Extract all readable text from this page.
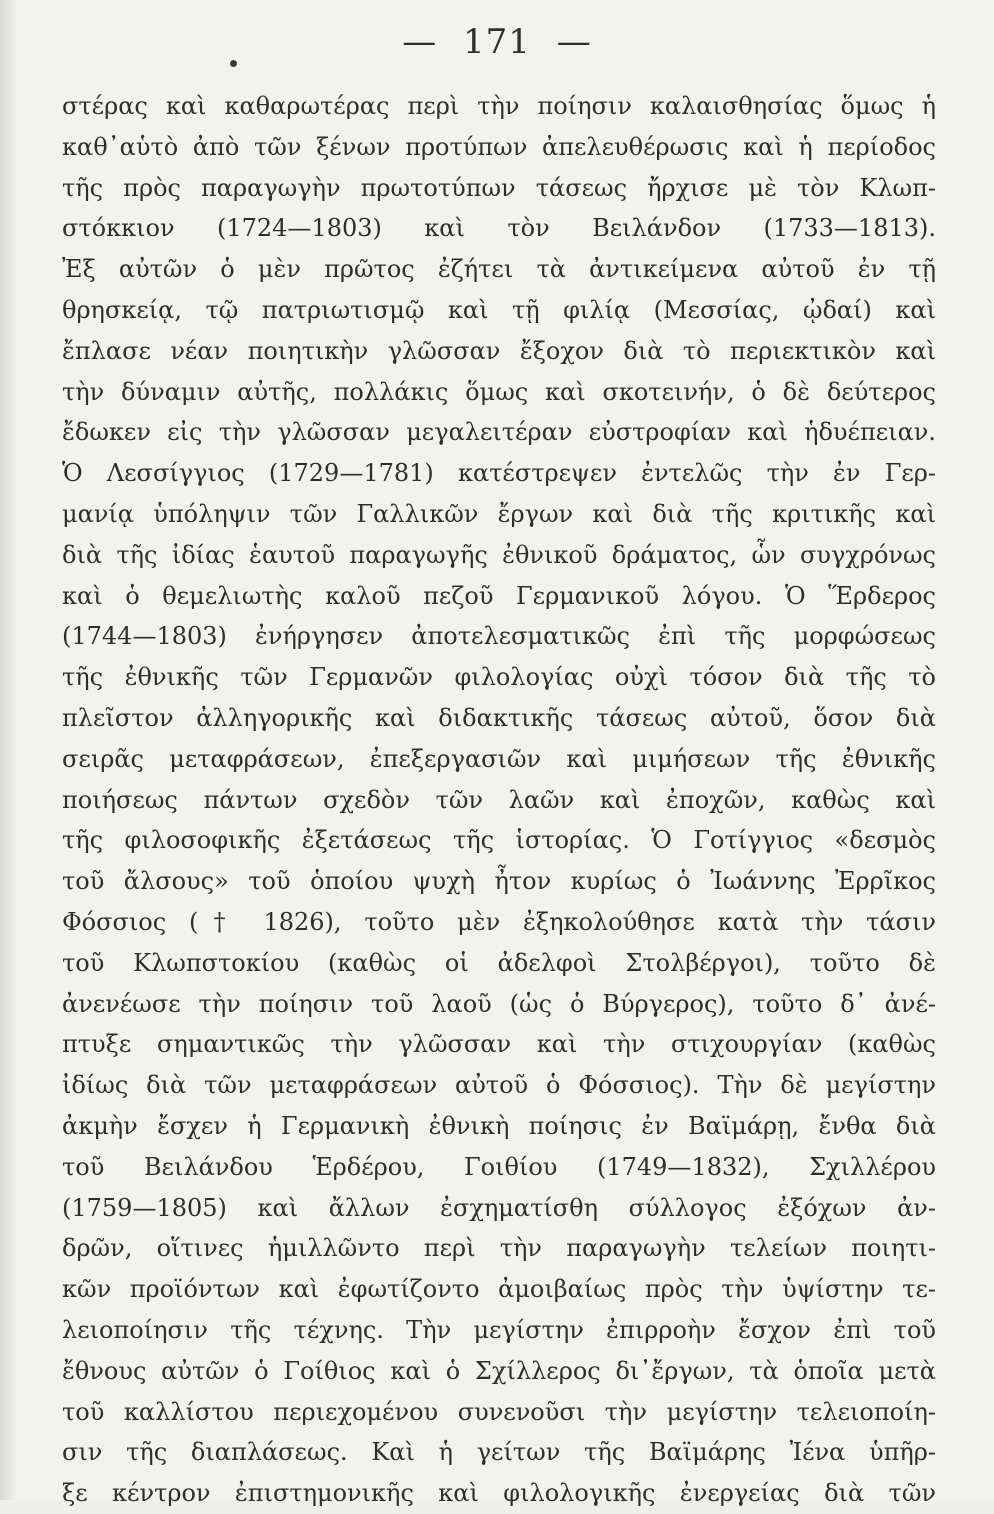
— 171 —
στέρας καὶ καθαρωτέρας περὶ τὴν ποίησιν καλαισθησίας ὅμως ἡ
καθ᾽αὑτὸ ἀπὸ τῶν ξένων προτύπων ἀπελευθέρωσις καὶ ἡ περίοδος
τῆς πρὸς παραγωγὴν πρωτοτύπων τάσεως ἤρχισε μὲ τὸν Κλωπ-
στόκκιον (1724—1803) καὶ τὸν Βειλάνδον (1733—1813).
Ἐξ αὐτῶν ὁ μὲν πρῶτος ἐζήτει τὰ ἀντικείμενα αὐτοῦ ἐν τῇ
θρησκείᾳ, τῷ πατριωτισμῷ καὶ τῇ φιλίᾳ (Μεσσίας, ᾠδαί) καὶ
ἔπλασε νέαν ποιητικὴν γλῶσσαν ἔξοχον διὰ τὸ περιεκτικὸν καὶ
τὴν δύναμιν αὐτῆς, πολλάκις ὅμως καὶ σκοτεινήν, ὁ δὲ δεύτερος
ἔδωκεν εἰς τὴν γλῶσσαν μεγαλειτέραν εὐστροφίαν καὶ ἡδυέπειαν.
Ὁ Λεσσίγγιος (1729—1781) κατέστρεψεν ἐντελῶς τὴν ἐν Γερ-
μανίᾳ ὑπόληψιν τῶν Γαλλικῶν ἔργων καὶ διὰ τῆς κριτικῆς καὶ
διὰ τῆς ἰδίας ἑαυτοῦ παραγωγῆς ἐθνικοῦ δράματος, ὧν συγχρόνως
καὶ ὁ θεμελιωτὴς καλοῦ πεζοῦ Γερμανικοῦ λόγου. Ὁ Ἕρδερος
(1744—1803) ἐνήργησεν ἀποτελεσματικῶς ἐπὶ τῆς μορφώσεως
τῆς ἐθνικῆς τῶν Γερμανῶν φιλολογίας οὐχὶ τόσον διὰ τῆς τὸ
πλεῖστον ἀλληγορικῆς καὶ διδακτικῆς τάσεως αὐτοῦ, ὅσον διὰ
σειρᾶς μεταφράσεων, ἐπεξεργασιῶν καὶ μιμήσεων τῆς ἐθνικῆς
ποιήσεως πάντων σχεδὸν τῶν λαῶν καὶ ἐποχῶν, καθὼς καὶ
τῆς φιλοσοφικῆς ἐξετάσεως τῆς ἱστορίας. Ὁ Γοτίγγιος «δεσμὸς
τοῦ ἄλσους» τοῦ ὁποίου ψυχὴ ἦτον κυρίως ὁ Ἰωάννης Ἐρρῖκος
Φόσσιος († 1826), τοῦτο μὲν ἐξηκολούθησε κατὰ τὴν τάσιν
τοῦ Κλωπστοκίου (καθὼς οἱ ἀδελφοὶ Στολβέργοι), τοῦτο δὲ
ἀνενέωσε τὴν ποίησιν τοῦ λαοῦ (ὡς ὁ Βύργερος), τοῦτο δ᾽ ἀνέ-
πτυξε σημαντικῶς τὴν γλῶσσαν καὶ τὴν στιχουργίαν (καθὼς
ἰδίως διὰ τῶν μεταφράσεων αὐτοῦ ὁ Φόσσιος). Τὴν δὲ μεγίστην
ἀκμὴν ἔσχεν ἡ Γερμανικὴ ἐθνικὴ ποίησις ἐν Βαϊμάρῃ, ἔνθα διὰ
τοῦ Βειλάνδου Ἑρδέρου, Γοιθίου (1749—1832), Σχιλλέρου
(1759—1805) καὶ ἄλλων ἐσχηματίσθη σύλλογος ἐξόχων ἀν-
δρῶν, οἵτινες ἡμιλλῶντο περὶ τὴν παραγωγὴν τελείων ποιητι-
κῶν προϊόντων καὶ ἐφωτίζοντο ἀμοιβαίως πρὸς τὴν ὑψίστην τε-
λειοποίησιν τῆς τέχνης. Τὴν μεγίστην ἐπιρροὴν ἔσχον ἐπὶ τοῦ
ἔθνους αὐτῶν ὁ Γοίθιος καὶ ὁ Σχίλλερος δι᾽ἔργων, τὰ ὁποῖα μετὰ
τοῦ καλλίστου περιεχομένου συνενοῦσι τὴν μεγίστην τελειοποίη-
σιν τῆς διαπλάσεως. Καὶ ἡ γείτων τῆς Βαϊμάρης Ἰένα ὑπῆρ-
ξε κέντρον ἐπιστημονικῆς καὶ φιλολογικῆς ἐνεργείας διὰ τῶν
